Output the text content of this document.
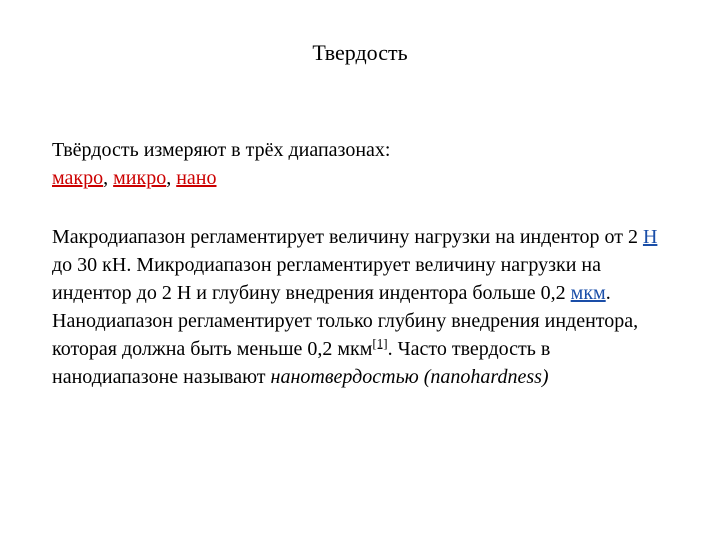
Твердость

Твёрдость измеряют в трёх диапазонах:
макро, микро, нано

Макродиапазон регламентирует величину нагрузки на индентор от 2 Н до 30 кН. Микродиапазон регламентирует величину нагрузки на индентор до 2 Н и глубину внедрения индентора больше 0,2 мкм. Нанодиапазон регламентирует только глубину внедрения индентора, которая должна быть меньше 0,2 мкм[1]. Часто твердость в нанодиапазоне называют нанотвердостью (nanohardness)
